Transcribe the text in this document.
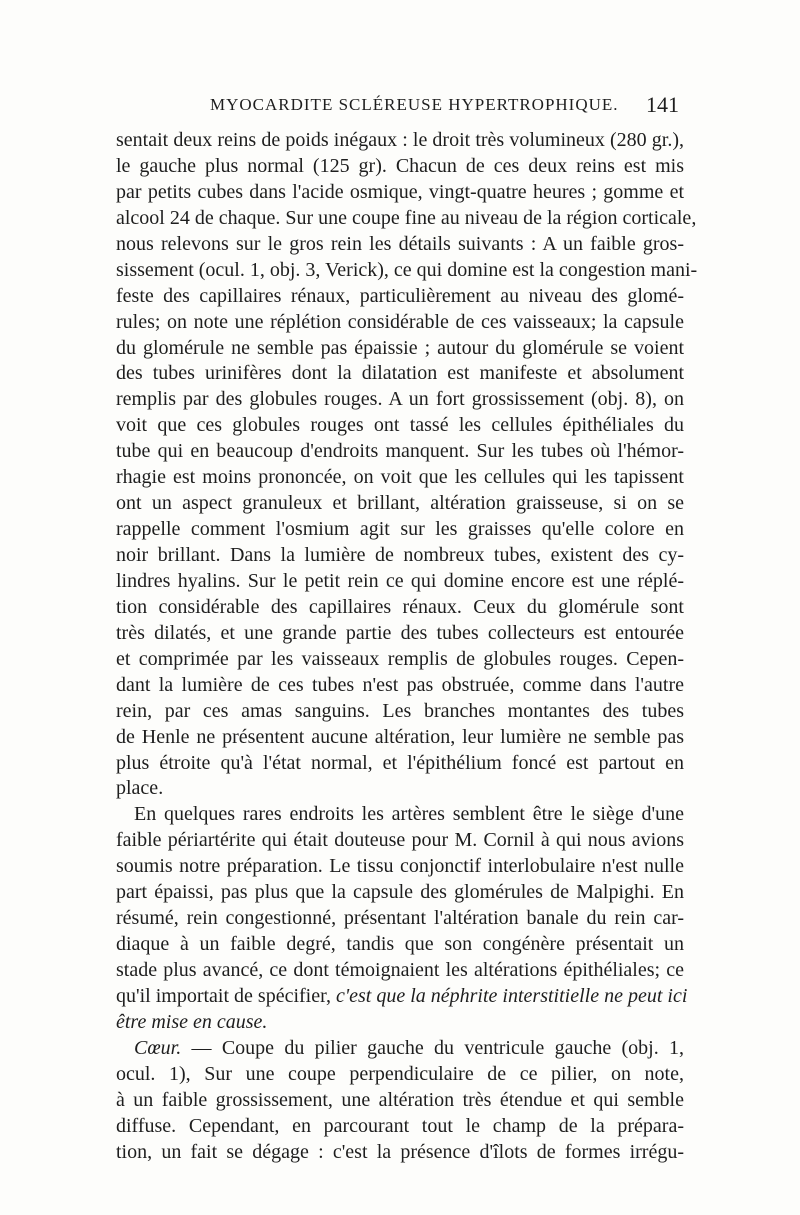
MYOCARDITE SCLÉREUSE HYPERTROPHIQUE. 141
sentait deux reins de poids inégaux : le droit très volumineux (280 gr.),
le gauche plus normal (125 gr). Chacun de ces deux reins est mis
par petits cubes dans l'acide osmique, vingt-quatre heures ; gomme et
alcool 24 de chaque. Sur une coupe fine au niveau de la région corticale,
nous relevons sur le gros rein les détails suivants : A un faible gros-
sissement (ocul. 1, obj. 3, Verick), ce qui domine est la congestion mani-
feste des capillaires rénaux, particulièrement au niveau des glomé-
rules; on note une réplétion considérable de ces vaisseaux; la capsule
du glomérule ne semble pas épaissie ; autour du glomérule se voient
des tubes urinifères dont la dilatation est manifeste et absolument
remplis par des globules rouges. A un fort grossissement (obj. 8), on
voit que ces globules rouges ont tassé les cellules épithéliales du
tube qui en beaucoup d'endroits manquent. Sur les tubes où l'hémor-
rhagie est moins prononcée, on voit que les cellules qui les tapissent
ont un aspect granuleux et brillant, altération graisseuse, si on se
rappelle comment l'osmium agit sur les graisses qu'elle colore en
noir brillant. Dans la lumière de nombreux tubes, existent des cy-
lindres hyalins. Sur le petit rein ce qui domine encore est une réplé-
tion considérable des capillaires rénaux. Ceux du glomérule sont
très dilatés, et une grande partie des tubes collecteurs est entourée
et comprimée par les vaisseaux remplis de globules rouges. Cepen-
dant la lumière de ces tubes n'est pas obstruée, comme dans l'autre
rein, par ces amas sanguins. Les branches montantes des tubes
de Henle ne présentent aucune altération, leur lumière ne semble pas
plus étroite qu'à l'état normal, et l'épithélium foncé est partout en
place.
En quelques rares endroits les artères semblent être le siège d'une
faible périartérite qui était douteuse pour M. Cornil à qui nous avions
soumis notre préparation. Le tissu conjonctif interlobulaire n'est nulle
part épaissi, pas plus que la capsule des glomérules de Malpighi. En
résumé, rein congestionné, présentant l'altération banale du rein car-
diaque à un faible degré, tandis que son congénère présentait un
stade plus avancé, ce dont témoignaient les altérations épithéliales; ce
qu'il importait de spécifier, c'est que la néphrite interstitielle ne peut ici
être mise en cause.
Cœur. — Coupe du pilier gauche du ventricule gauche (obj. 1,
ocul. 1), Sur une coupe perpendiculaire de ce pilier, on note,
à un faible grossissement, une altération très étendue et qui semble
diffuse. Cependant, en parcourant tout le champ de la prépara-
tion, un fait se dégage : c'est la présence d'îlots de formes irrégu-
